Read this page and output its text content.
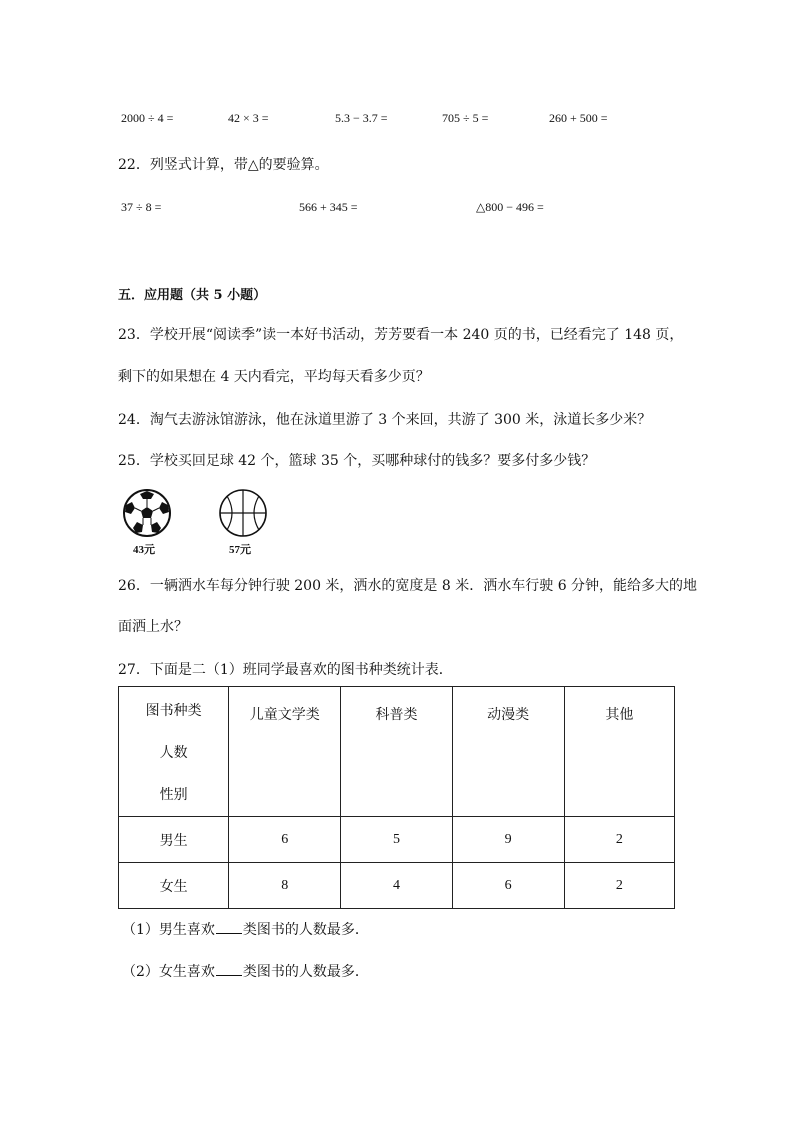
2000 ÷ 4 =	42 × 3 =	5.3 − 3.7 =	705 ÷ 5 =	260 + 500 =
22．列竖式计算，带△的要验算。
37 ÷ 8 =	566 + 345 =	△800 − 496 =
五．应用题（共 5 小题）
23．学校开展“阅读季”读一本好书活动，芳芳要看一本 240 页的书，已经看完了 148 页，
剩下的如果想在 4 天内看完，平均每天看多少页？
24．淘气去游泳馆游泳，他在泳道里游了 3 个来回，共游了 300 米，泳道长多少米？
25．学校买回足球 42 个，篮球 35 个，买哪种球付的钱多？要多付多少钱？
43元	57元
26．一辆洒水车每分钟行驶 200 米，洒水的宽度是 8 米．洒水车行驶 6 分钟，能给多大的地
面洒上水？
27．下面是二（1）班同学最喜欢的图书种类统计表．
图书种类
人数
性别	儿童文学类	科普类	动漫类	其他

男生	6	5	9	2
女生	8	4	6	2
（1）男生喜欢 类图书的人数最多．
（2）女生喜欢 类图书的人数最多．
